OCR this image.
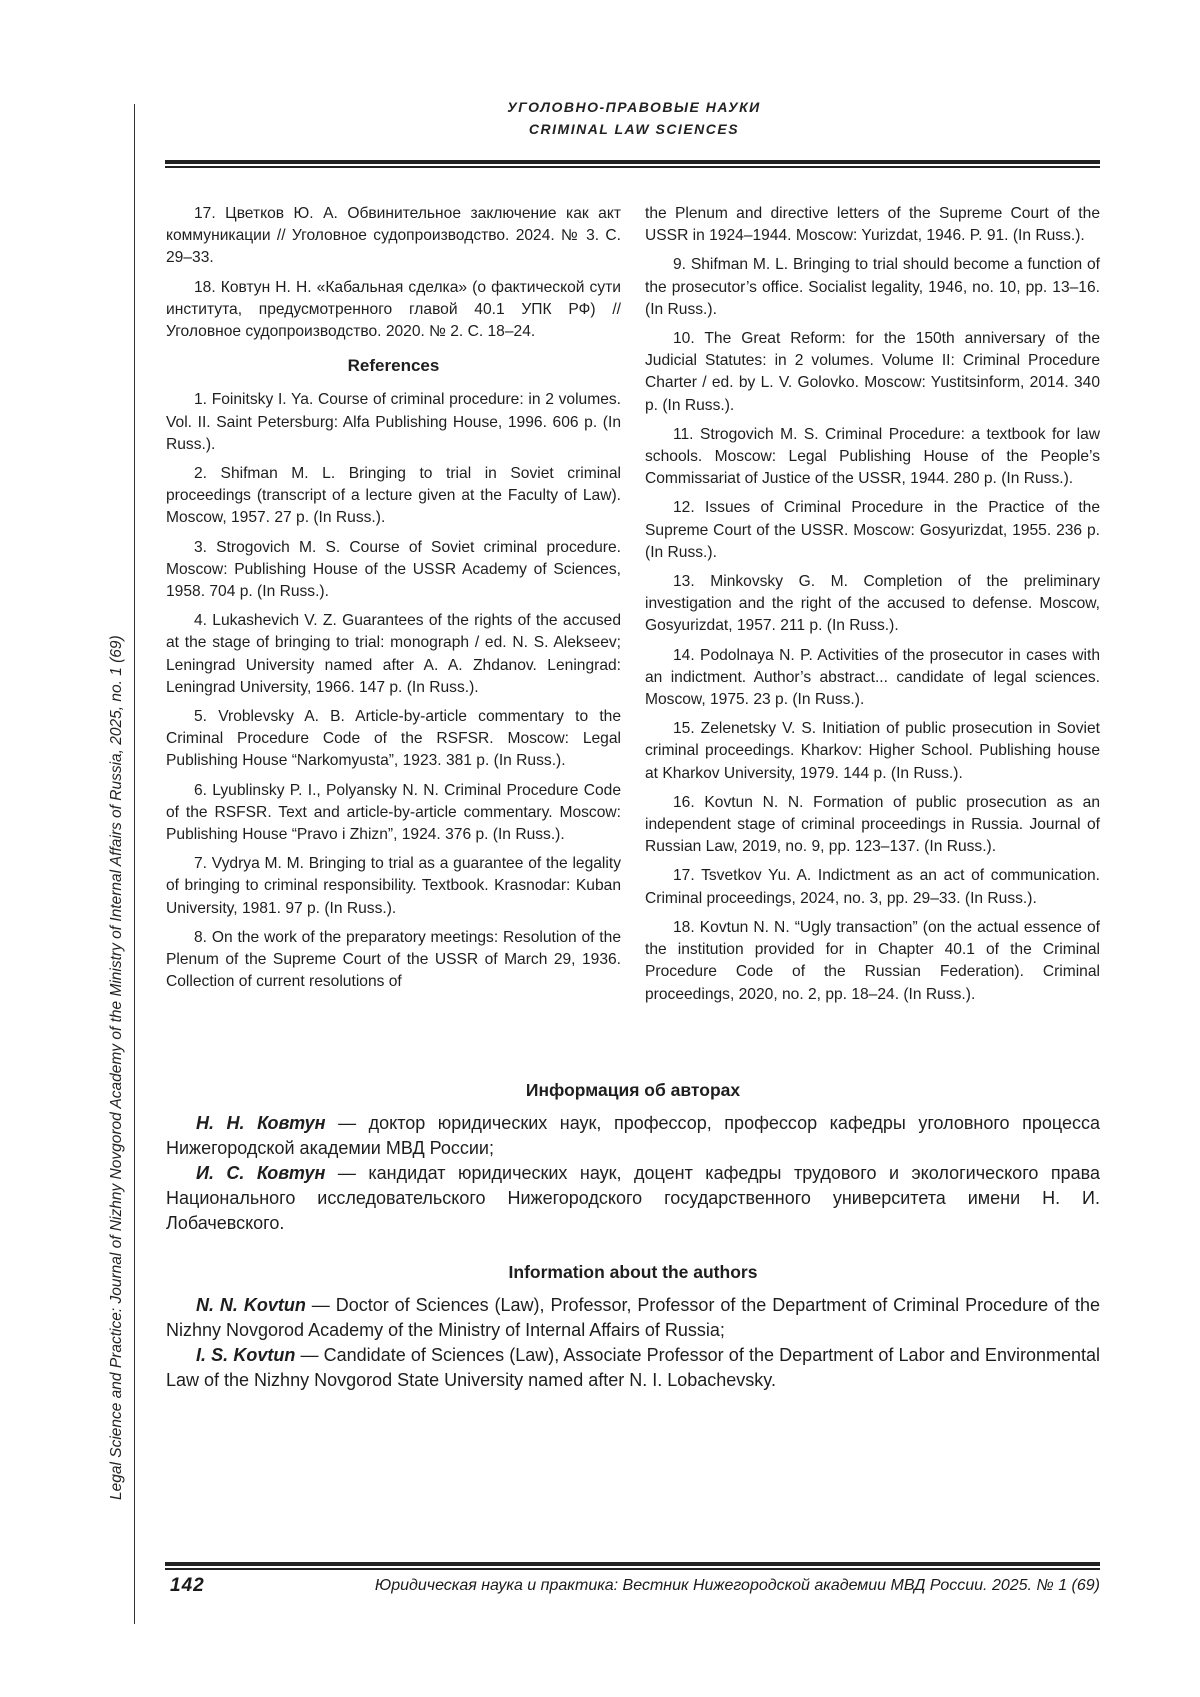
Legal Science and Practice: Journal of Nizhny Novgorod Academy of the Ministry of Internal Affairs of Russia, 2025, no. 1 (69)
УГОЛОВНО-ПРАВОВЫЕ НАУКИ
CRIMINAL LAW SCIENCES

17. Цветков Ю. А. Обвинительное заключение как акт коммуникации // Уголовное судопроизводство. 2024. № 3. С. 29–33.

18. Ковтун Н. Н. «Кабальная сделка» (о фактической сути института, предусмотренного главой 40.1 УПК РФ) // Уголовное судопроизводство. 2020. № 2. С. 18–24.

References

1. Foinitsky I. Ya. Course of criminal procedure: in 2 volumes. Vol. II. Saint Petersburg: Alfa Publishing House, 1996. 606 p. (In Russ.).

2. Shifman M. L. Bringing to trial in Soviet criminal proceedings (transcript of a lecture given at the Faculty of Law). Moscow, 1957. 27 p. (In Russ.).

3. Strogovich M. S. Course of Soviet criminal procedure. Moscow: Publishing House of the USSR Academy of Sciences, 1958. 704 p. (In Russ.).

4. Lukashevich V. Z. Guarantees of the rights of the accused at the stage of bringing to trial: monograph / ed. N. S. Alekseev; Leningrad University named after A. A. Zhdanov. Leningrad: Leningrad University, 1966. 147 p. (In Russ.).

5. Vroblevsky A. B. Article-by-article commentary to the Criminal Procedure Code of the RSFSR. Moscow: Legal Publishing House “Narkomyusta”, 1923. 381 p. (In Russ.).

6. Lyublinsky P. I., Polyansky N. N. Criminal Procedure Code of the RSFSR. Text and article-by-article commentary. Moscow: Publishing House “Pravo i Zhizn”, 1924. 376 p. (In Russ.).

7. Vydrya M. M. Bringing to trial as a guarantee of the legality of bringing to criminal responsibility. Textbook. Krasnodar: Kuban University, 1981. 97 p. (In Russ.).

8. On the work of the preparatory meetings: Resolution of the Plenum of the Supreme Court of the USSR of March 29, 1936. Collection of current resolutions of

the Plenum and directive letters of the Supreme Court of the USSR in 1924–1944. Moscow: Yurizdat, 1946. P. 91. (In Russ.).

9. Shifman M. L. Bringing to trial should become a function of the prosecutor’s office. Socialist legality, 1946, no. 10, pp. 13–16. (In Russ.).

10. The Great Reform: for the 150th anniversary of the Judicial Statutes: in 2 volumes. Volume II: Criminal Procedure Charter / ed. by L. V. Golovko. Moscow: Yustitsinform, 2014. 340 p. (In Russ.).

11. Strogovich M. S. Criminal Procedure: a textbook for law schools. Moscow: Legal Publishing House of the People’s Commissariat of Justice of the USSR, 1944. 280 p. (In Russ.).

12. Issues of Criminal Procedure in the Practice of the Supreme Court of the USSR. Moscow: Gosyurizdat, 1955. 236 p. (In Russ.).

13. Minkovsky G. M. Completion of the preliminary investigation and the right of the accused to defense. Moscow, Gosyurizdat, 1957. 211 p. (In Russ.).

14. Podolnaya N. P. Activities of the prosecutor in cases with an indictment. Author’s abstract... candidate of legal sciences. Moscow, 1975. 23 p. (In Russ.).

15. Zelenetsky V. S. Initiation of public prosecution in Soviet criminal proceedings. Kharkov: Higher School. Publishing house at Kharkov University, 1979. 144 p. (In Russ.).

16. Kovtun N. N. Formation of public prosecution as an independent stage of criminal proceedings in Russia. Journal of Russian Law, 2019, no. 9, pp. 123–137. (In Russ.).

17. Tsvetkov Yu. A. Indictment as an act of communication. Criminal proceedings, 2024, no. 3, pp. 29–33. (In Russ.).

18. Kovtun N. N. “Ugly transaction” (on the actual essence of the institution provided for in Chapter 40.1 of the Criminal Procedure Code of the Russian Federation). Criminal proceedings, 2020, no. 2, pp. 18–24. (In Russ.).

Информация об авторах

Н. Н. Ковтун — доктор юридических наук, профессор, профессор кафедры уголовного процесса Нижегородской академии МВД России;

И. С. Ковтун — кандидат юридических наук, доцент кафедры трудового и экологического права Национального исследовательского Нижегородского государственного университета имени Н. И. Лобачевского.

Information about the authors

N. N. Kovtun — Doctor of Sciences (Law), Professor, Professor of the Department of Criminal Procedure of the Nizhny Novgorod Academy of the Ministry of Internal Affairs of Russia;

I. S. Kovtun — Candidate of Sciences (Law), Associate Professor of the Department of Labor and Environmental Law of the Nizhny Novgorod State University named after N. I. Lobachevsky.

142	Юридическая наука и практика: Вестник Нижегородской академии МВД России. 2025. № 1 (69)
